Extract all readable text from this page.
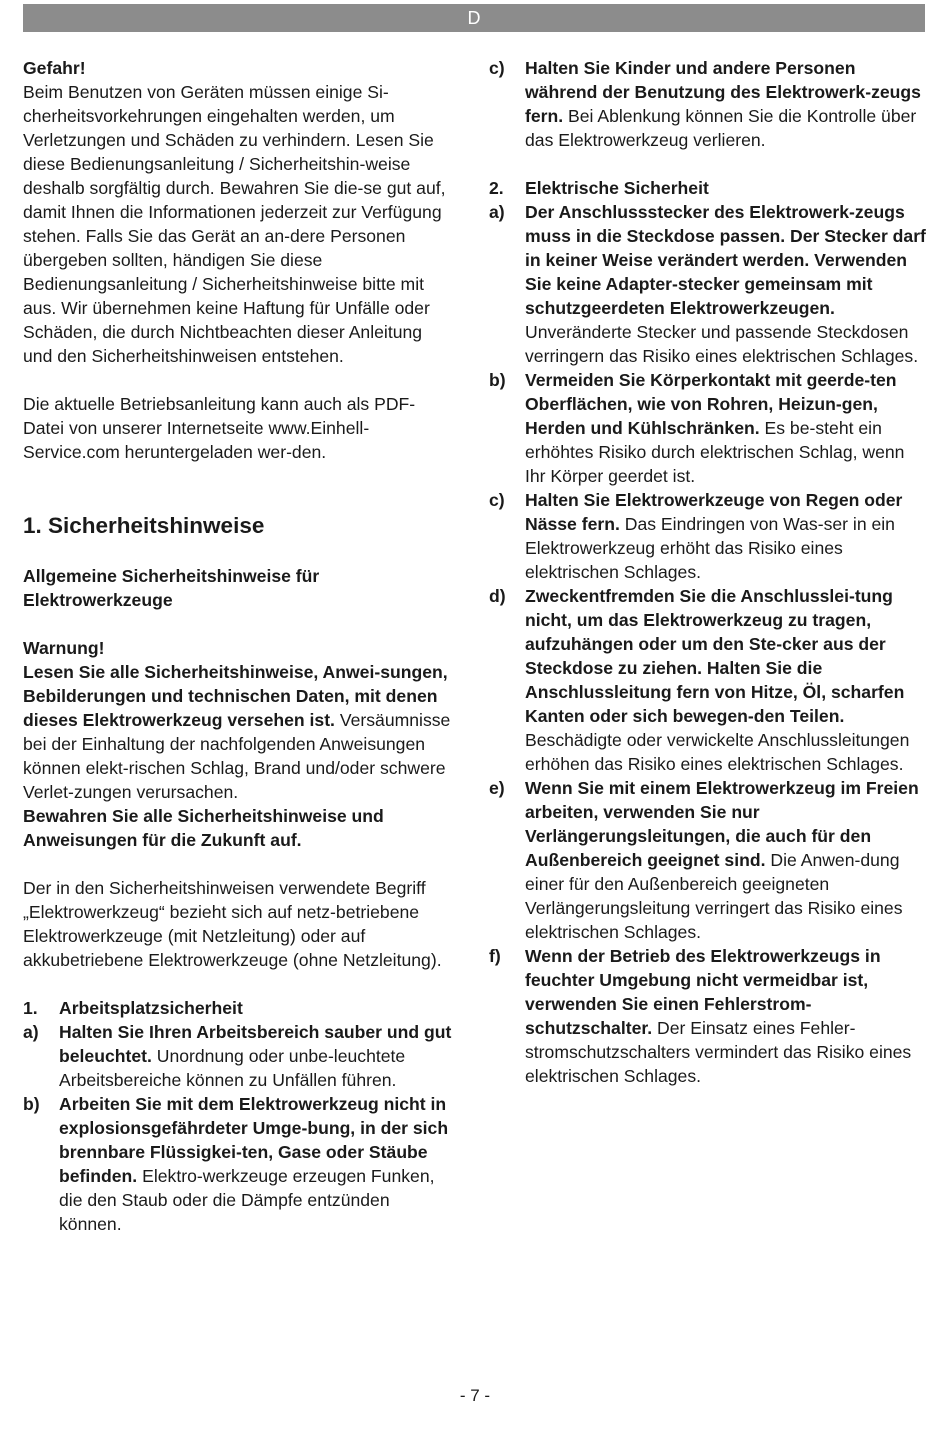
D

Gefahr!

Beim Benutzen von Geräten müssen einige Si-cherheitsvorkehrungen eingehalten werden, um Verletzungen und Schäden zu verhindern. Lesen Sie diese Bedienungsanleitung / Sicherheitshin-weise deshalb sorgfältig durch. Bewahren Sie die-se gut auf, damit Ihnen die Informationen jederzeit zur Verfügung stehen. Falls Sie das Gerät an an-dere Personen übergeben sollten, händigen Sie diese Bedienungsanleitung / Sicherheitshinweise bitte mit aus. Wir übernehmen keine Haftung für Unfälle oder Schäden, die durch Nichtbeachten dieser Anleitung und den Sicherheitshinweisen entstehen.

Die aktuelle Betriebsanleitung kann auch als PDF-Datei von unserer Internetseite www.Einhell-Service.com heruntergeladen wer-den.

1. Sicherheitshinweise

Allgemeine Sicherheitshinweise für Elektrowerkzeuge

Warnung!

Lesen Sie alle Sicherheitshinweise, Anwei-sungen, Bebilderungen und technischen Daten, mit denen dieses Elektrowerkzeug versehen ist. Versäumnisse bei der Einhaltung der nachfolgenden Anweisungen können elekt-rischen Schlag, Brand und/oder schwere Verlet-zungen verursachen.

Bewahren Sie alle Sicherheitshinweise und Anweisungen für die Zukunft auf.

Der in den Sicherheitshinweisen verwendete Begriff „Elektrowerkzeug“ bezieht sich auf netz-betriebene Elektrowerkzeuge (mit Netzleitung) oder auf akkubetriebene Elektrowerkzeuge (ohne Netzleitung).

1.	Arbeitsplatzsicherheit
a)	Halten Sie Ihren Arbeitsbereich sauber und gut beleuchtet. Unordnung oder unbe-leuchtete Arbeitsbereiche können zu Unfällen führen.
b)	Arbeiten Sie mit dem Elektrowerkzeug nicht in explosionsgefährdeter Umge-bung, in der sich brennbare Flüssigkei-ten, Gase oder Stäube befinden. Elektro-werkzeuge erzeugen Funken, die den Staub oder die Dämpfe entzünden können.
c)	Halten Sie Kinder und andere Personen während der Benutzung des Elektrowerk-zeugs fern. Bei Ablenkung können Sie die Kontrolle über das Elektrowerkzeug verlieren.
2.	Elektrische Sicherheit
a)	Der Anschlussstecker des Elektrowerk-zeugs muss in die Steckdose passen. Der Stecker darf in keiner Weise verändert werden. Verwenden Sie keine Adapter-stecker gemeinsam mit schutzgeerdeten Elektrowerkzeugen. Unveränderte Stecker und passende Steckdosen verringern das Risiko eines elektrischen Schlages.
b)	Vermeiden Sie Körperkontakt mit geerde-ten Oberflächen, wie von Rohren, Heizun-gen, Herden und Kühlschränken. Es be-steht ein erhöhtes Risiko durch elektrischen Schlag, wenn Ihr Körper geerdet ist.
c)	Halten Sie Elektrowerkzeuge von Regen oder Nässe fern. Das Eindringen von Was-ser in ein Elektrowerkzeug erhöht das Risiko eines elektrischen Schlages.
d)	Zweckentfremden Sie die Anschlusslei-tung nicht, um das Elektrowerkzeug zu tragen, aufzuhängen oder um den Ste-cker aus der Steckdose zu ziehen. Halten Sie die Anschlussleitung fern von Hitze, Öl, scharfen Kanten oder sich bewegen-den Teilen. Beschädigte oder verwickelte Anschlussleitungen erhöhen das Risiko eines elektrischen Schlages.
e)	Wenn Sie mit einem Elektrowerkzeug im Freien arbeiten, verwenden Sie nur Verlängerungsleitungen, die auch für den Außenbereich geeignet sind. Die Anwen-dung einer für den Außenbereich geeigneten Verlängerungsleitung verringert das Risiko eines elektrischen Schlages.
f)	Wenn der Betrieb des Elektrowerkzeugs in feuchter Umgebung nicht vermeidbar ist, verwenden Sie einen Fehlerstrom-schutzschalter. Der Einsatz eines Fehler-stromschutzschalters vermindert das Risiko eines elektrischen Schlages.
- 7 -
